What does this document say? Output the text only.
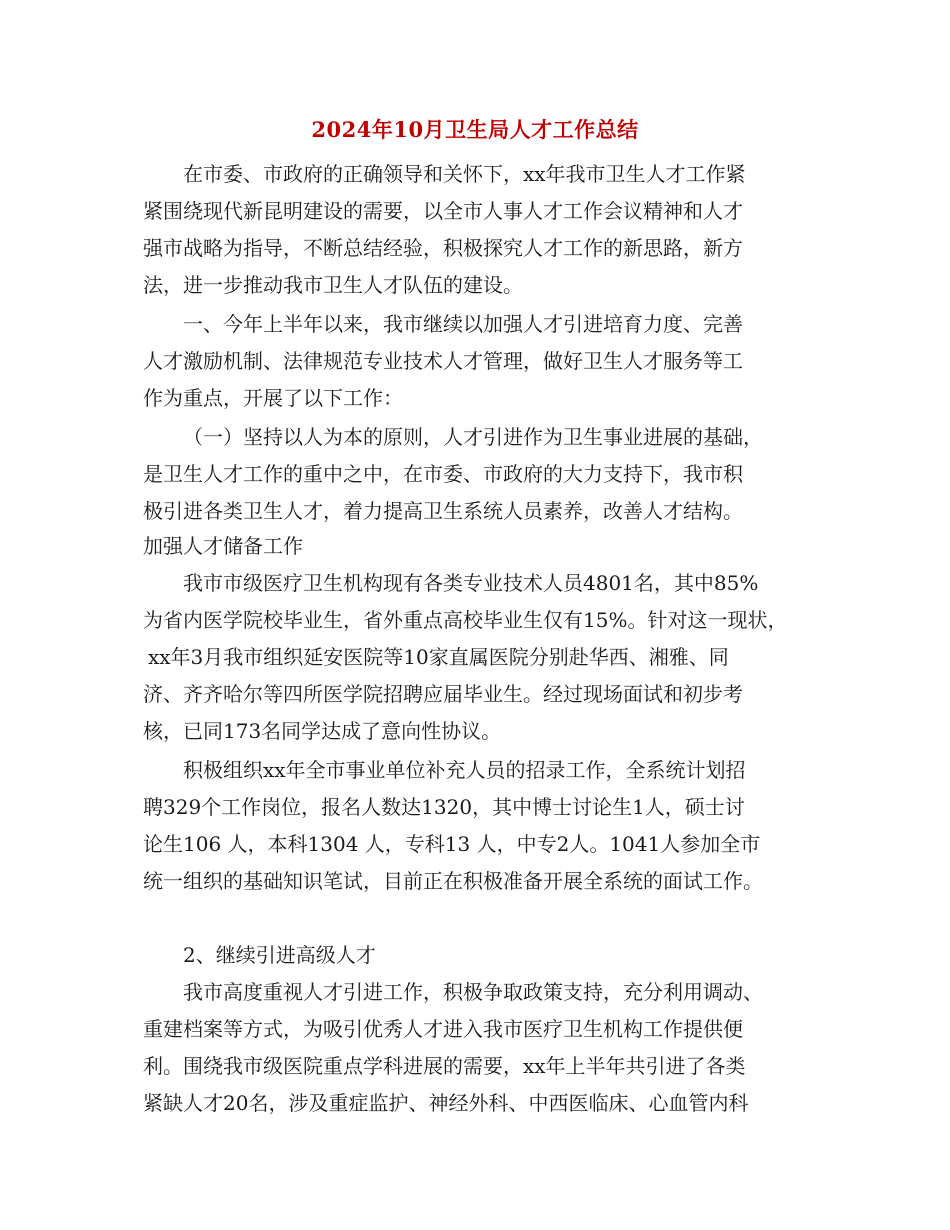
2024年10月卫生局人才工作总结
在市委、市政府的正确领导和关怀下，xx年我市卫生人才工作紧
紧围绕现代新昆明建设的需要，以全市人事人才工作会议精神和人才
强市战略为指导，不断总结经验，积极探究人才工作的新思路，新方
法，进一步推动我市卫生人才队伍的建设。
一、今年上半年以来，我市继续以加强人才引进培育力度、完善
人才激励机制、法律规范专业技术人才管理，做好卫生人才服务等工
作为重点，开展了以下工作：
（一）坚持以人为本的原则，人才引进作为卫生事业进展的基础，
是卫生人才工作的重中之中，在市委、市政府的大力支持下，我市积
极引进各类卫生人才，着力提高卫生系统人员素养，改善人才结构。
加强人才储备工作
我市市级医疗卫生机构现有各类专业技术人员4801名，其中85%
为省内医学院校毕业生，省外重点高校毕业生仅有15%。针对这一现状，
xx年3月我市组织延安医院等10家直属医院分别赴华西、湘雅、同
济、齐齐哈尔等四所医学院招聘应届毕业生。经过现场面试和初步考
核，已同173名同学达成了意向性协议。
积极组织xx年全市事业单位补充人员的招录工作，全系统计划招
聘329个工作岗位，报名人数达1320，其中博士讨论生1人，硕士讨
论生106 人，本科1304 人，专科13 人，中专2人。1041人参加全市
统一组织的基础知识笔试，目前正在积极准备开展全系统的面试工作。
2、继续引进高级人才
我市高度重视人才引进工作，积极争取政策支持，充分利用调动、
重建档案等方式，为吸引优秀人才进入我市医疗卫生机构工作提供便
利。围绕我市级医院重点学科进展的需要，xx年上半年共引进了各类
紧缺人才20名，涉及重症监护、神经外科、中西医临床、心血管内科
